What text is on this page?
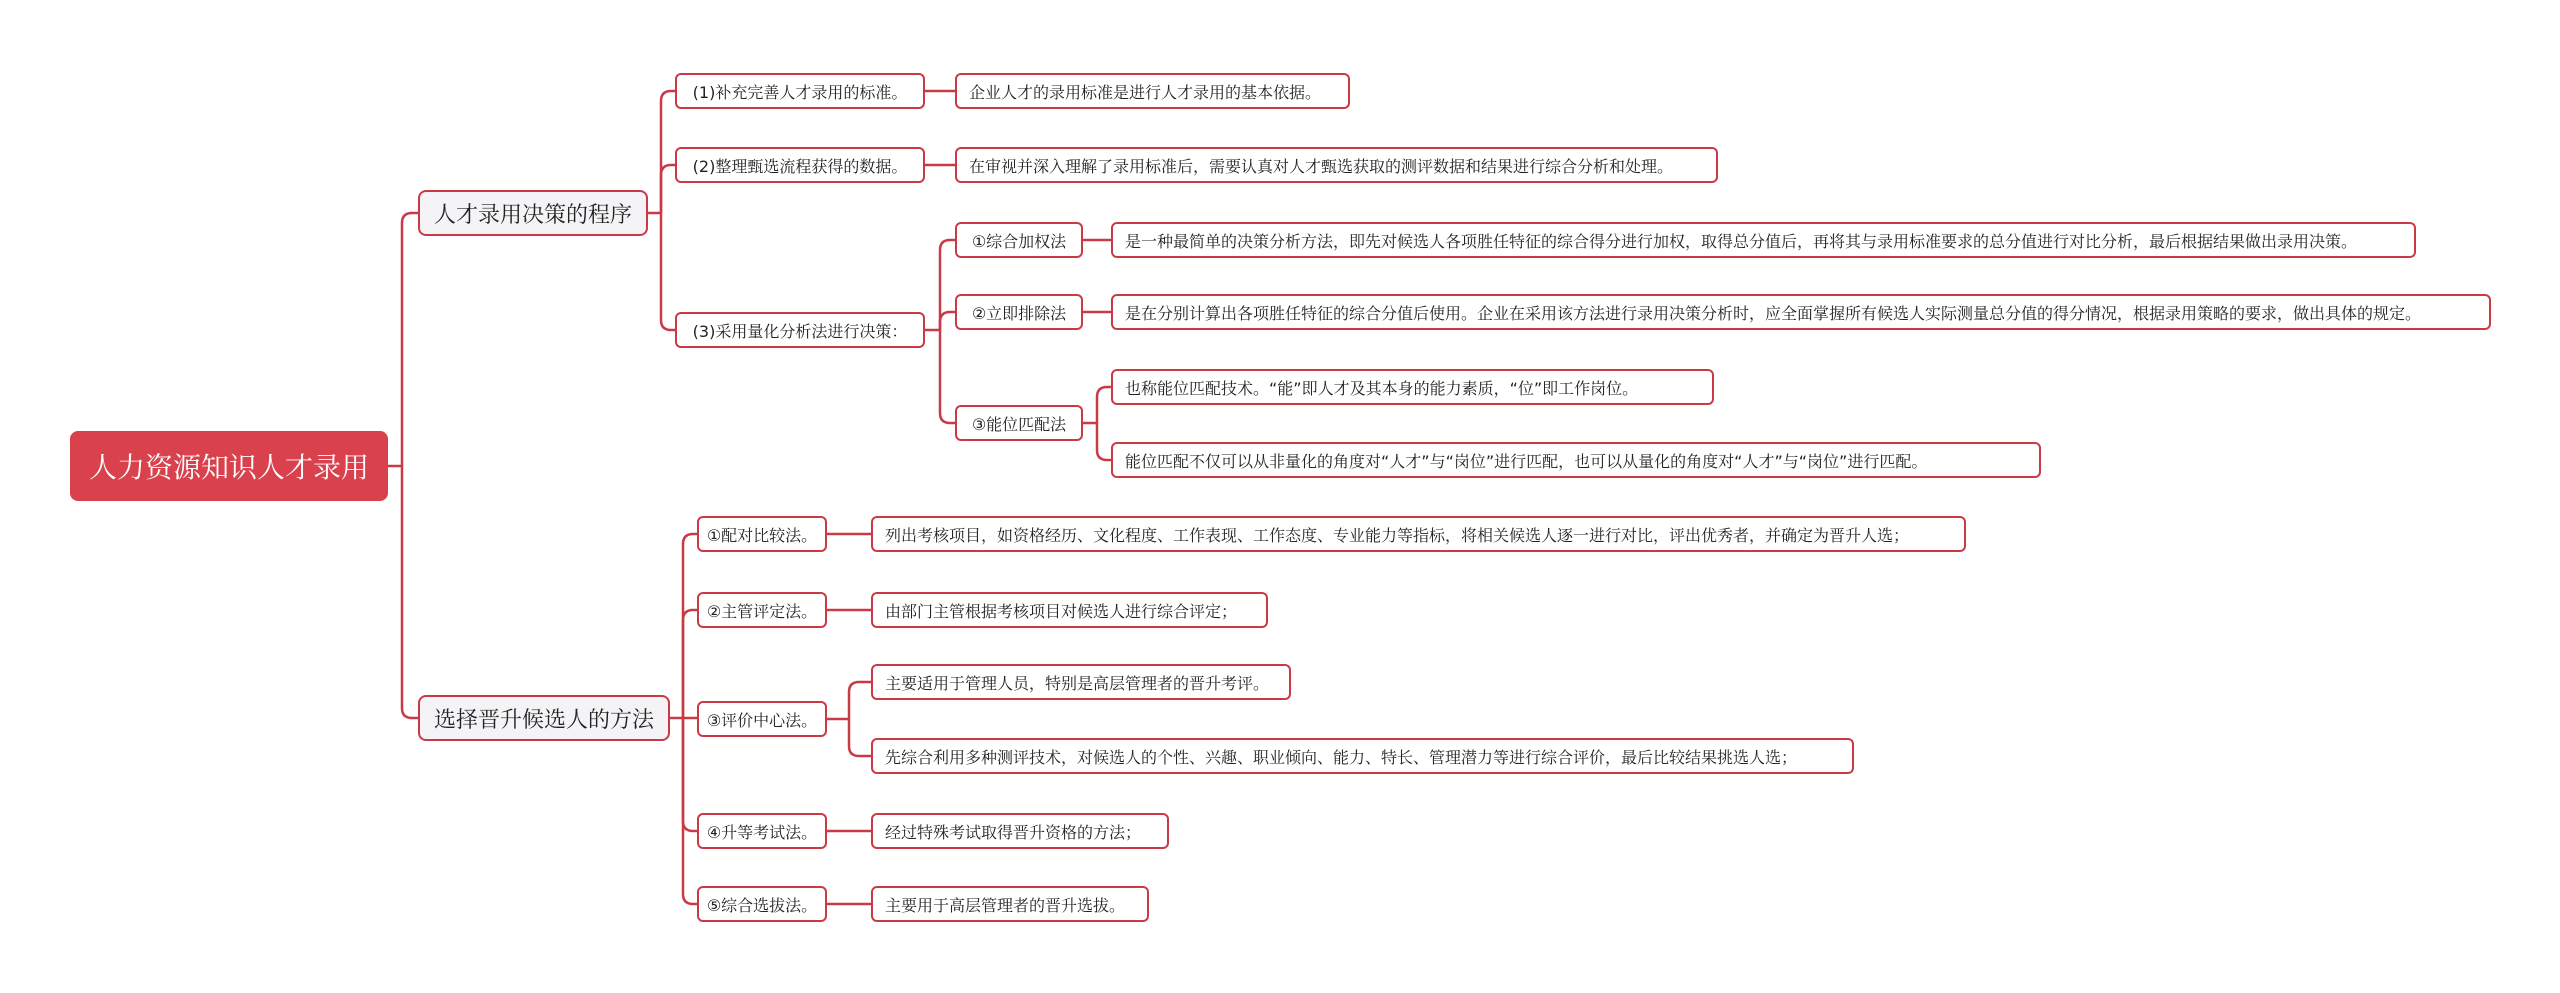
人力资源知识人才录用
人才录用决策的程序
选择晋升候选人的方法
(1)补充完善人才录用的标准。	企业人才的录用标准是进行人才录用的基本依据。
(2)整理甄选流程获得的数据。	在审视并深入理解了录用标准后，需要认真对人才甄选获取的测评数据和结果进行综合分析和处理。
(3)采用量化分析法进行决策：
①综合加权法	是一种最简单的决策分析方法，即先对候选人各项胜任特征的综合得分进行加权，取得总分值后，再将其与录用标准要求的总分值进行对比分析，最后根据结果做出录用决策。
②立即排除法	是在分别计算出各项胜任特征的综合分值后使用。企业在采用该方法进行录用决策分析时，应全面掌握所有候选人实际测量总分值的得分情况，根据录用策略的要求，做出具体的规定。
③能位匹配法
也称能位匹配技术。“能”即人才及其本身的能力素质，“位”即工作岗位。
能位匹配不仅可以从非量化的角度对“人才”与“岗位”进行匹配，也可以从量化的角度对“人才”与“岗位”进行匹配。
①配对比较法。	列出考核项目，如资格经历、文化程度、工作表现、工作态度、专业能力等指标，将相关候选人逐一进行对比，评出优秀者，并确定为晋升人选；
②主管评定法。	由部门主管根据考核项目对候选人进行综合评定；
③评价中心法。
主要适用于管理人员，特别是高层管理者的晋升考评。
先综合利用多种测评技术，对候选人的个性、兴趣、职业倾向、能力、特长、管理潜力等进行综合评价，最后比较结果挑选人选；
④升等考试法。	经过特殊考试取得晋升资格的方法；
⑤综合选拔法。	主要用于高层管理者的晋升选拔。
